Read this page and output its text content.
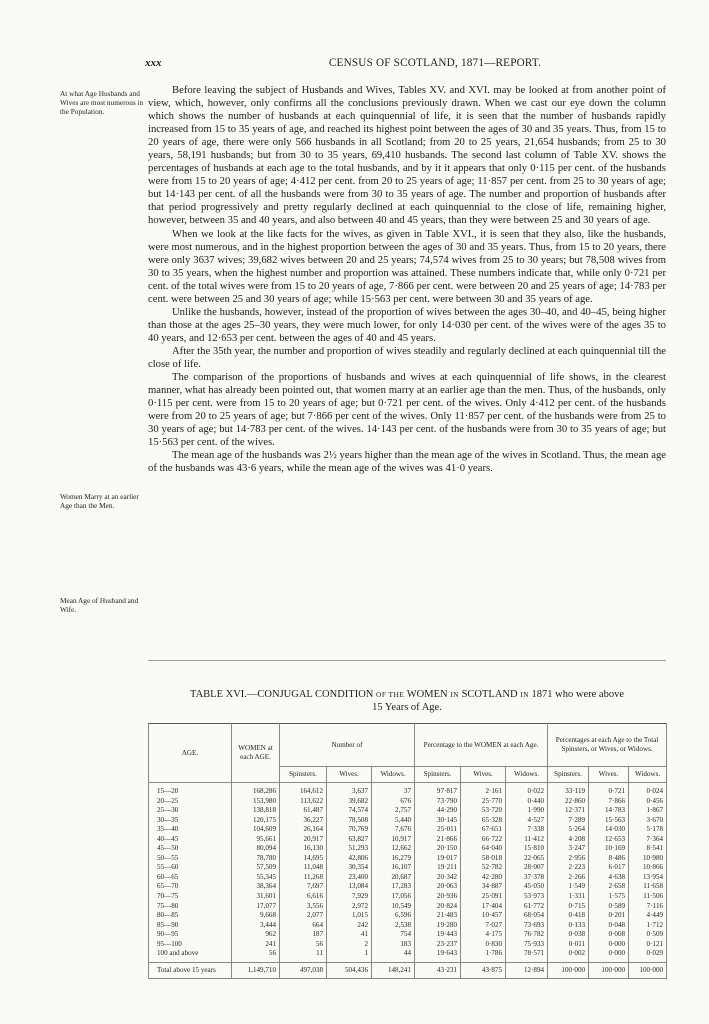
xxx	CENSUS OF SCOTLAND, 1871—REPORT.
At what Age Husbands and Wives are most numerous in the Population.
Women Marry at an earlier Age than the Men.
Mean Age of Husband and Wife.

Before leaving the subject of Husbands and Wives, Tables XV. and XVI. may be looked at from another point of view, which, however, only confirms all the conclusions previously drawn. When we cast our eye down the column which shows the number of husbands at each quinquennial of life, it is seen that the number of husbands rapidly increased from 15 to 35 years of age, and reached its highest point between the ages of 30 and 35 years. Thus, from 15 to 20 years of age, there were only 566 husbands in all Scotland; from 20 to 25 years, 21,654 husbands; from 25 to 30 years, 58,191 husbands; but from 30 to 35 years, 69,410 husbands. The second last column of Table XV. shows the percentages of husbands at each age to the total husbands, and by it it appears that only 0·115 per cent. of the husbands were from 15 to 20 years of age; 4·412 per cent. from 20 to 25 years of age; 11·857 per cent. from 25 to 30 years of age; but 14·143 per cent. of all the husbands were from 30 to 35 years of age. The number and proportion of husbands after that period progressively and pretty regularly declined at each quinquennial to the close of life, remaining higher, however, between 35 and 40 years, and also between 40 and 45 years, than they were between 25 and 30 years of age.

When we look at the like facts for the wives, as given in Table XVI., it is seen that they also, like the husbands, were most numerous, and in the highest proportion between the ages of 30 and 35 years. Thus, from 15 to 20 years, there were only 3637 wives; 39,682 wives between 20 and 25 years; 74,574 wives from 25 to 30 years; but 78,508 wives from 30 to 35 years, when the highest number and proportion was attained. These numbers indicate that, while only 0·721 per cent. of the total wives were from 15 to 20 years of age, 7·866 per cent. were between 20 and 25 years of age; 14·783 per cent. were between 25 and 30 years of age; while 15·563 per cent. were between 30 and 35 years of age.

Unlike the husbands, however, instead of the proportion of wives between the ages 30–40, and 40–45, being higher than those at the ages 25–30 years, they were much lower, for only 14·030 per cent. of the wives were of the ages 35 to 40 years, and 12·653 per cent. between the ages of 40 and 45 years.

After the 35th year, the number and proportion of wives steadily and regularly declined at each quinquennial till the close of life.

The comparison of the proportions of husbands and wives at each quinquennial of life shows, in the clearest manner, what has already been pointed out, that women marry at an earlier age than the men. Thus, of the husbands, only 0·115 per cent. were from 15 to 20 years of age; but 0·721 per cent. of the wives. Only 4·412 per cent. of the husbands were from 20 to 25 years of age; but 7·866 per cent of the wives. Only 11·857 per cent. of the husbands were from 25 to 30 years of age; but 14·783 per cent. of the wives. 14·143 per cent. of the husbands were from 30 to 35 years of age; but 15·563 per cent. of the wives.

The mean age of the husbands was 2½ years higher than the mean age of the wives in Scotland. Thus, the mean age of the husbands was 43·6 years, while the mean age of the wives was 41·0 years.

TABLE XVI.—CONJUGAL CONDITION OF THE WOMEN IN SCOTLAND IN 1871 who were above
15 Years of Age.
AGE.	WOMEN at each AGE.	Number of			Percentage to the WOMEN at each Age.			Percentages at each Age to the Total Spinsters, or Wives, or Widows.		
		Spinsters.	Wives.	Widows.	Spinsters.	Wives.	Widows.	Spinsters.	Wives.	Widows.
15—20	168,286	164,612	3,637	37	97·817	2·161	0·022	33·119	0·721	0·024
20—25	153,980	113,622	39,682	676	73·790	25·770	0·440	22·860	7·866	0·456
25—30	138,818	61,487	74,574	2,757	44·290	53·720	1·990	12·371	14·783	1·867
30—35	120,175	36,227	78,508	5,440	30·145	65·328	4·527	7·289	15·563	3·670
35—40	104,609	26,164	70,769	7,676	25·011	67·651	7·338	5·264	14·030	5·178
40—45	95,661	20,917	63,827	10,917	21·866	66·722	11·412	4·208	12·653	7·364
45—50	80,094	16,130	51,293	12,662	20·150	64·040	15·810	3·247	10·169	8·541
50—55	78,780	14,695	42,806	16,279	19·017	58·018	22·065	2·956	8·486	10·980
55—60	57,509	11,048	30,354	16,107	19·211	52·782	28·007	2·223	6·017	10·866
60—65	55,345	11,268	23,400	20,687	20·342	42·280	37·378	2·266	4·638	13·954
65—70	38,364	7,697	13,084	17,283	20·063	34·887	45·050	1·549	2·658	11·658
70—75	31,601	6,616	7,929	17,056	20·936	25·091	53·973	1·331	1·575	11·506
75—80	17,077	3,556	2,972	10,549	20·824	17·404	61·772	0·715	0·589	7·116
80—85	9,668	2,077	1,015	6,596	21·483	10·457	68·054	0·418	0·201	4·449
85—90	3,444	664	242	2,538	19·280	7·027	73·693	0·133	0·048	1·712
90—95	962	187	41	754	19·443	4·175	76·782	0·038	0·008	0·509
95—100	241	56	2	183	23·237	0·830	75·933	0·011	0·000	0·121
100 and above	56	11	1	44	19·643	1·786	78·571	0·002	0·000	0·029
Total above 15 years	1,149,710	497,038	504,436	148,241	43·231	43·875	12·894	100·000	100·000	100·000
